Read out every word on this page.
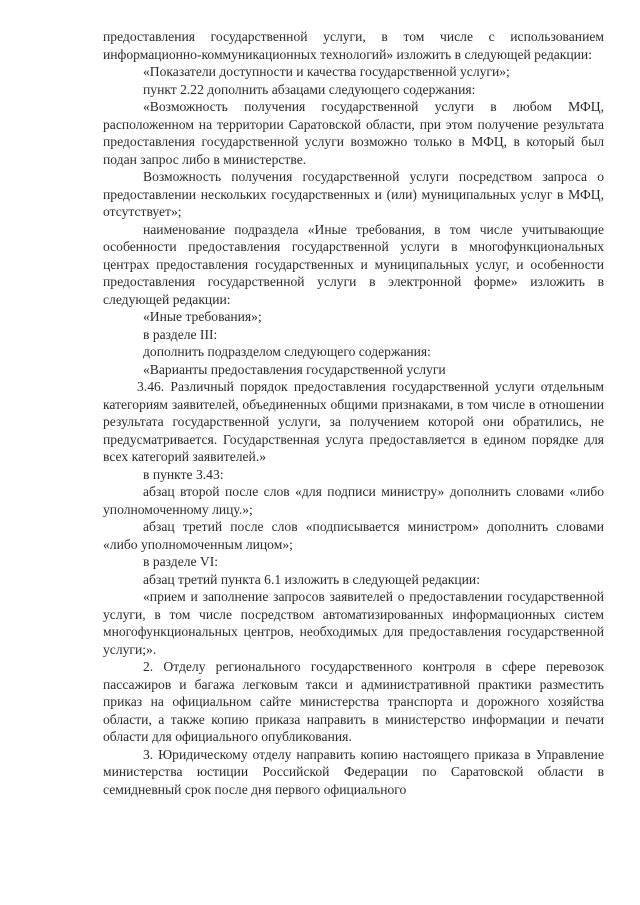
предоставления государственной услуги, в том числе с использованием информационно-коммуникационных технологий» изложить в следующей редакции:

«Показатели доступности и качества государственной услуги»;

пункт 2.22 дополнить абзацами следующего содержания:

«Возможность получения государственной услуги в любом МФЦ, расположенном на территории Саратовской области, при этом получение результата предоставления государственной услуги возможно только в МФЦ, в который был подан запрос либо в министерстве.

Возможность получения государственной услуги посредством запроса о предоставлении нескольких государственных и (или) муниципальных услуг в МФЦ, отсутствует»;

наименование подраздела «Иные требования, в том числе учитывающие особенности предоставления государственной услуги в многофункциональных центрах предоставления государственных и муниципальных услуг, и особенности предоставления государственной услуги в электронной форме» изложить в следующей редакции:

«Иные требования»;

в разделе III:

дополнить подразделом следующего содержания:

«Варианты предоставления государственной услуги

3.46. Различный порядок предоставления государственной услуги отдельным категориям заявителей, объединенных общими признаками, в том числе в отношении результата государственной услуги, за получением которой они обратились, не предусматривается. Государственная услуга предоставляется в едином порядке для всех категорий заявителей.»

в пункте 3.43:

абзац второй после слов «для подписи министру» дополнить словами «либо уполномоченному лицу.»;

абзац третий после слов «подписывается министром» дополнить словами «либо уполномоченным лицом»;

в разделе VI:

абзац третий пункта 6.1 изложить в следующей редакции:

«прием и заполнение запросов заявителей о предоставлении государственной услуги, в том числе посредством автоматизированных информационных систем многофункциональных центров, необходимых для предоставления государственной услуги;».

2. Отделу регионального государственного контроля в сфере перевозок пассажиров и багажа легковым такси и административной практики разместить приказ на официальном сайте министерства транспорта и дорожного хозяйства области, а также копию приказа направить в министерство информации и печати области для официального опубликования.

3. Юридическому отделу направить копию настоящего приказа в Управление министерства юстиции Российской Федерации по Саратовской области в семидневный срок после дня первого официального
